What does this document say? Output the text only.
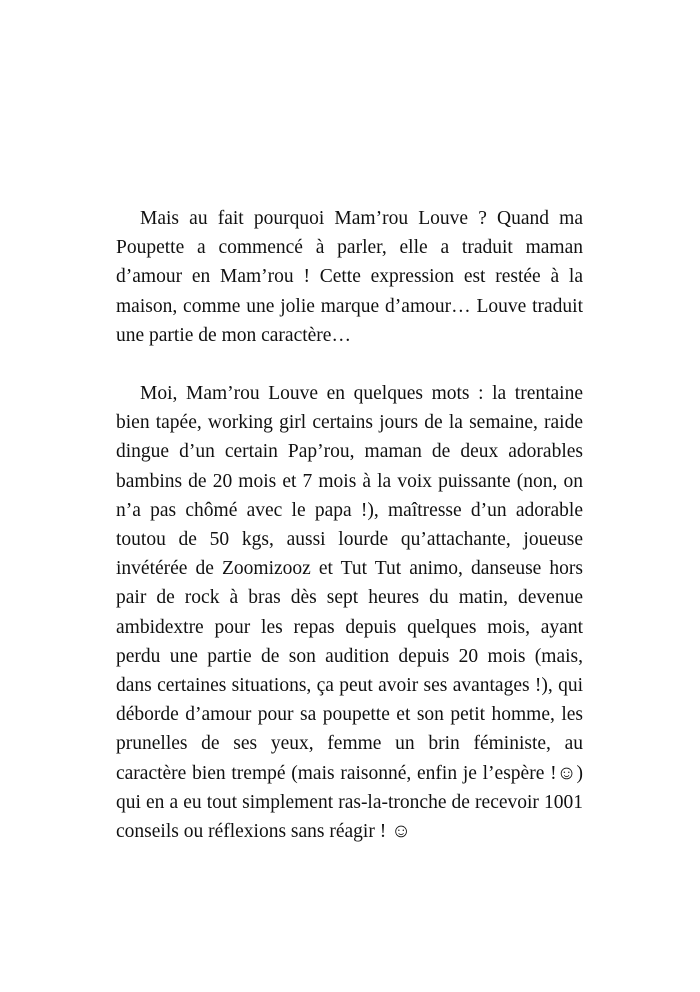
Mais au fait pourquoi Mam’rou Louve ? Quand ma Poupette a commencé à parler, elle a traduit maman d’amour en Mam’rou ! Cette expression est restée à la maison, comme une jolie marque d’amour… Louve traduit une partie de mon caractère…

Moi, Mam’rou Louve en quelques mots : la trentaine bien tapée, working girl certains jours de la semaine, raide dingue d’un certain Pap’rou, maman de deux adorables bambins de 20 mois et 7 mois à la voix puissante (non, on n’a pas chômé avec le papa !), maîtresse d’un adorable toutou de 50 kgs, aussi lourde qu’attachante, joueuse invétérée de Zoomizooz et Tut Tut animo, danseuse hors pair de rock à bras dès sept heures du matin, devenue ambidextre pour les repas depuis quelques mois, ayant perdu une partie de son audition depuis 20 mois (mais, dans certaines situations, ça peut avoir ses avantages !), qui déborde d’amour pour sa poupette et son petit homme, les prunelles de ses yeux, femme un brin féministe, au caractère bien trempé (mais raisonné, enfin je l’espère !☺) qui en a eu tout simplement ras-la-tronche de recevoir 1001 conseils ou réflexions sans réagir ! ☺
